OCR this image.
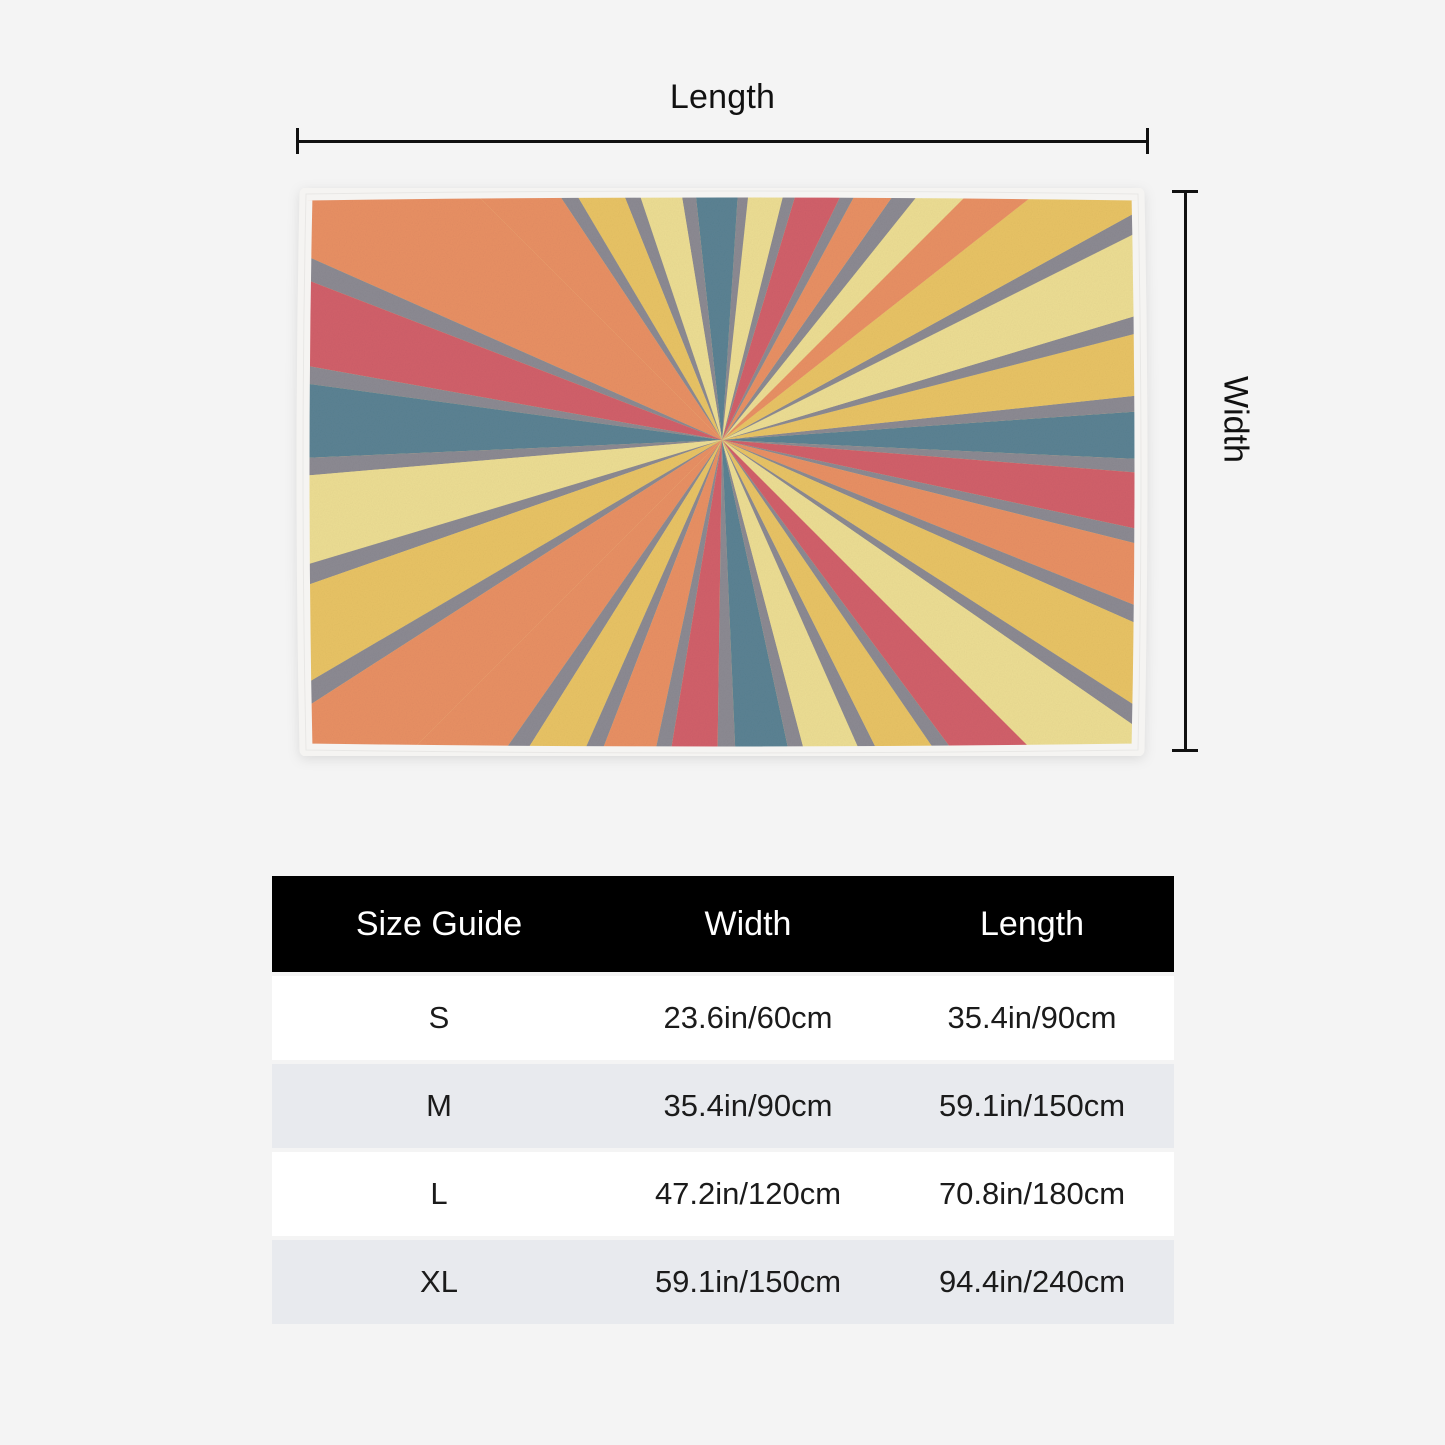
Length
Width
Size Guide	Width	Length
S	23.6in/60cm	35.4in/90cm
M	35.4in/90cm	59.1in/150cm
L	47.2in/120cm	70.8in/180cm
XL	59.1in/150cm	94.4in/240cm
